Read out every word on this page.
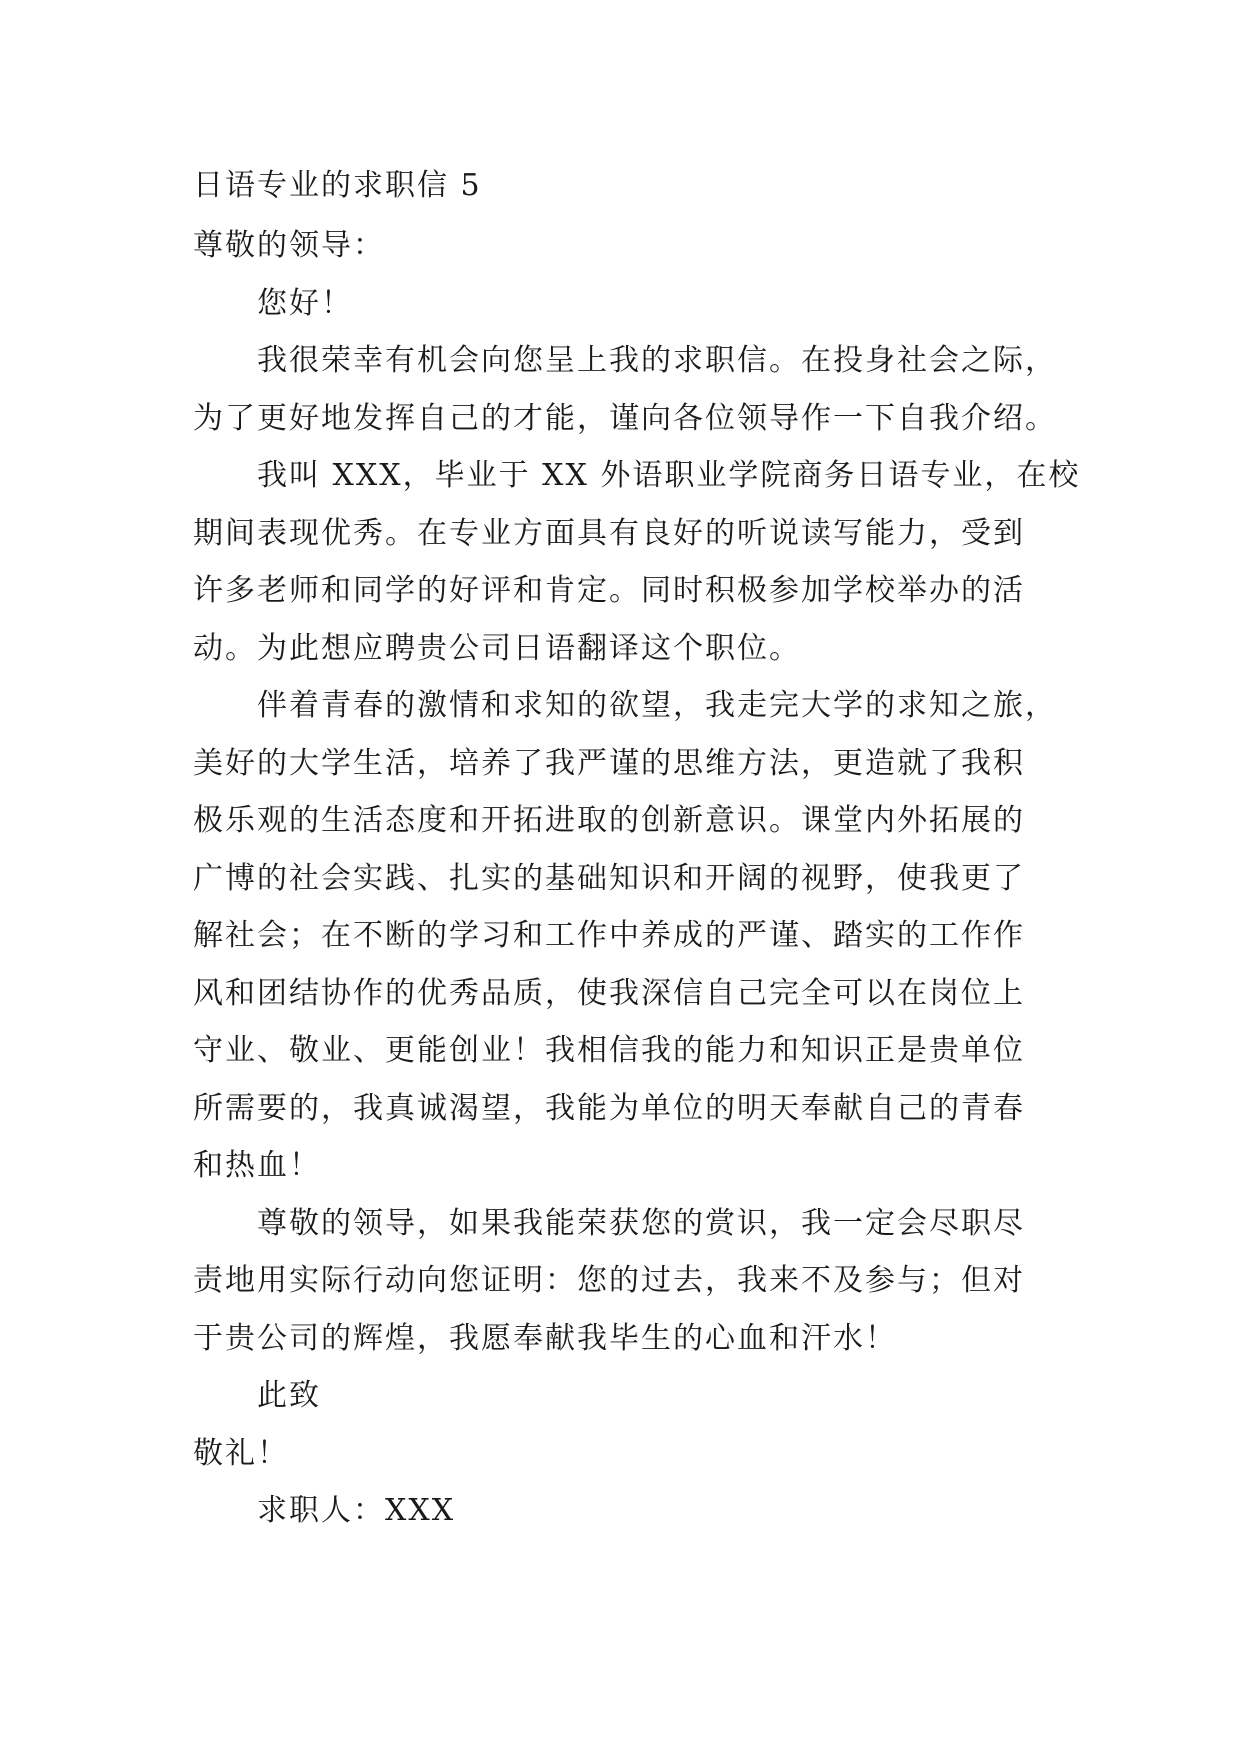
日语专业的求职信 5

尊敬的领导：

您好！

我很荣幸有机会向您呈上我的求职信。在投身社会之际，

为了更好地发挥自己的才能，谨向各位领导作一下自我介绍。

我叫 XXX，毕业于 XX 外语职业学院商务日语专业，在校

期间表现优秀。在专业方面具有良好的听说读写能力，受到

许多老师和同学的好评和肯定。同时积极参加学校举办的活

动。为此想应聘贵公司日语翻译这个职位。

伴着青春的激情和求知的欲望，我走完大学的求知之旅，

美好的大学生活，培养了我严谨的思维方法，更造就了我积

极乐观的生活态度和开拓进取的创新意识。课堂内外拓展的

广博的社会实践、扎实的基础知识和开阔的视野，使我更了

解社会；在不断的学习和工作中养成的严谨、踏实的工作作

风和团结协作的优秀品质，使我深信自己完全可以在岗位上

守业、敬业、更能创业！我相信我的能力和知识正是贵单位

所需要的，我真诚渴望，我能为单位的明天奉献自己的青春

和热血！

尊敬的领导，如果我能荣获您的赏识，我一定会尽职尽

责地用实际行动向您证明：您的过去，我来不及参与；但对

于贵公司的辉煌，我愿奉献我毕生的心血和汗水！

此致

敬礼！

求职人：XXX
